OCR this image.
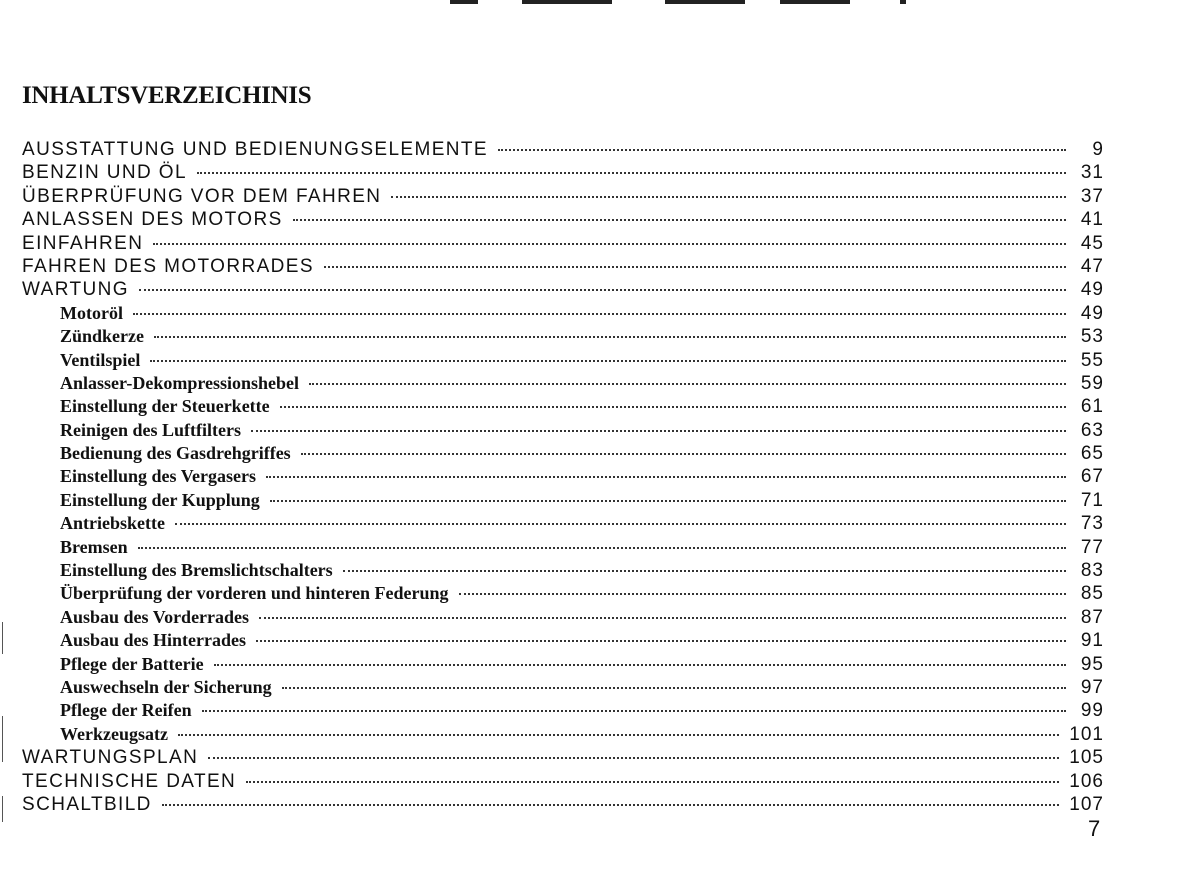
INHALTSVERZEICHINIS
AUSSTATTUNG UND BEDIENUNGSELEMENTE	9
BENZIN UND ÖL	31
ÜBERPRÜFUNG VOR DEM FAHREN	37
ANLASSEN DES MOTORS	41
EINFAHREN	45
FAHREN DES MOTORRADES	47
WARTUNG	49
Motoröl	49
Zündkerze	53
Ventilspiel	55
Anlasser-Dekompressionshebel	59
Einstellung der Steuerkette	61
Reinigen des Luftfilters	63
Bedienung des Gasdrehgriffes	65
Einstellung des Vergasers	67
Einstellung der Kupplung	71
Antriebskette	73
Bremsen	77
Einstellung des Bremslichtschalters	83
Überprüfung der vorderen und hinteren Federung	85
Ausbau des Vorderrades	87
Ausbau des Hinterrades	91
Pflege der Batterie	95
Auswechseln der Sicherung	97
Pflege der Reifen	99
Werkzeugsatz	101
WARTUNGSPLAN	105
TECHNISCHE DATEN	106
SCHALTBILD	107
7
